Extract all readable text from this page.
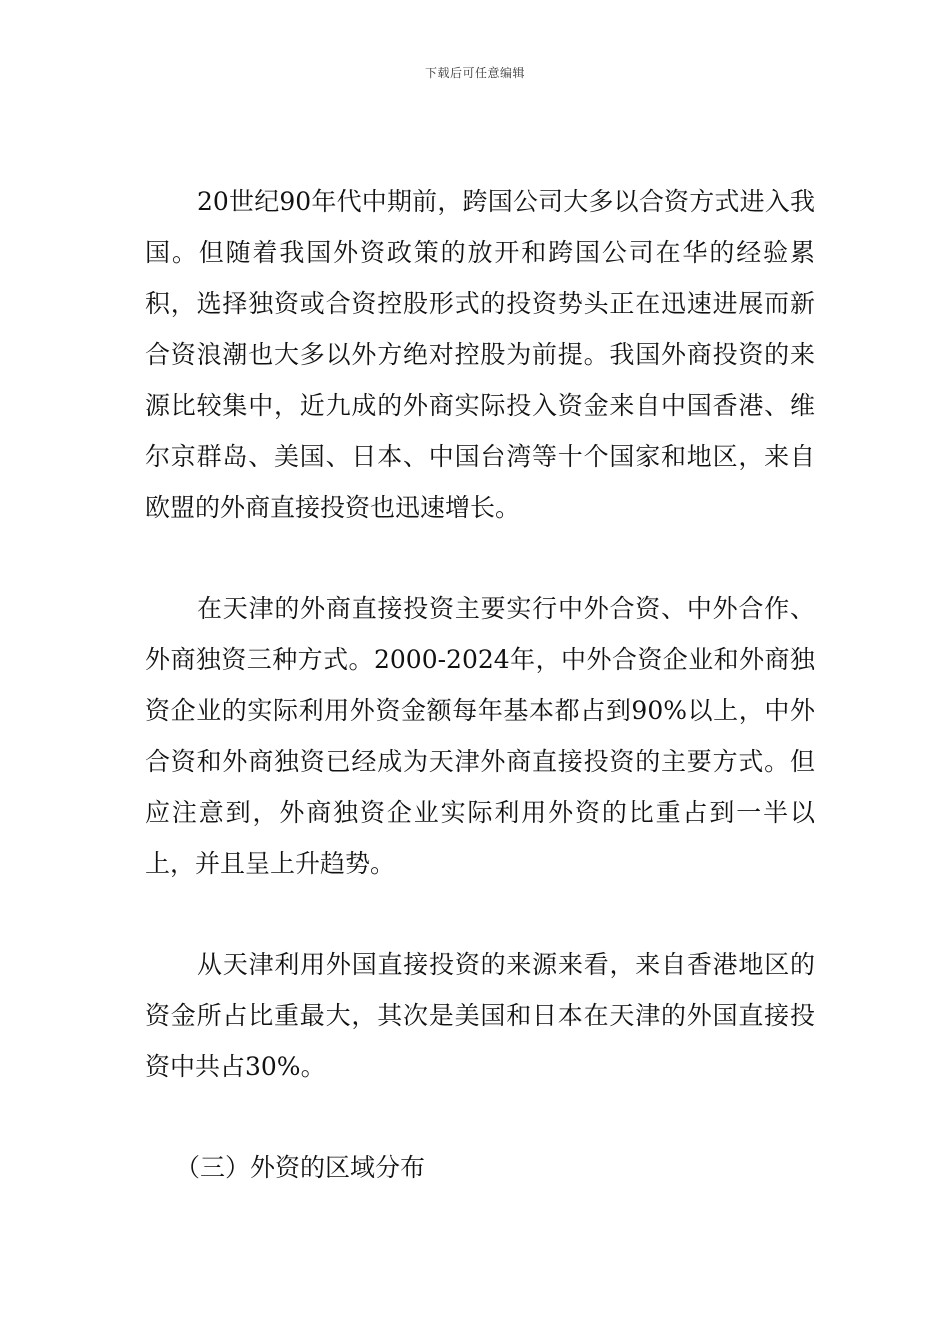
下载后可任意编辑

20世纪90年代中期前，跨国公司大多以合资方式进入我国。但随着我国外资政策的放开和跨国公司在华的经验累积，选择独资或合资控股形式的投资势头正在迅速进展而新合资浪潮也大多以外方绝对控股为前提。我国外商投资的来源比较集中，近九成的外商实际投入资金来自中国香港、维尔京群岛、美国、日本、中国台湾等十个国家和地区，来自欧盟的外商直接投资也迅速增长。

在天津的外商直接投资主要实行中外合资、中外合作、外商独资三种方式。2000-2024年，中外合资企业和外商独资企业的实际利用外资金额每年基本都占到90%以上，中外合资和外商独资已经成为天津外商直接投资的主要方式。但应注意到，外商独资企业实际利用外资的比重占到一半以上，并且呈上升趋势。

从天津利用外国直接投资的来源来看，来自香港地区的资金所占比重最大，其次是美国和日本在天津的外国直接投资中共占30%。

（三）外资的区域分布
